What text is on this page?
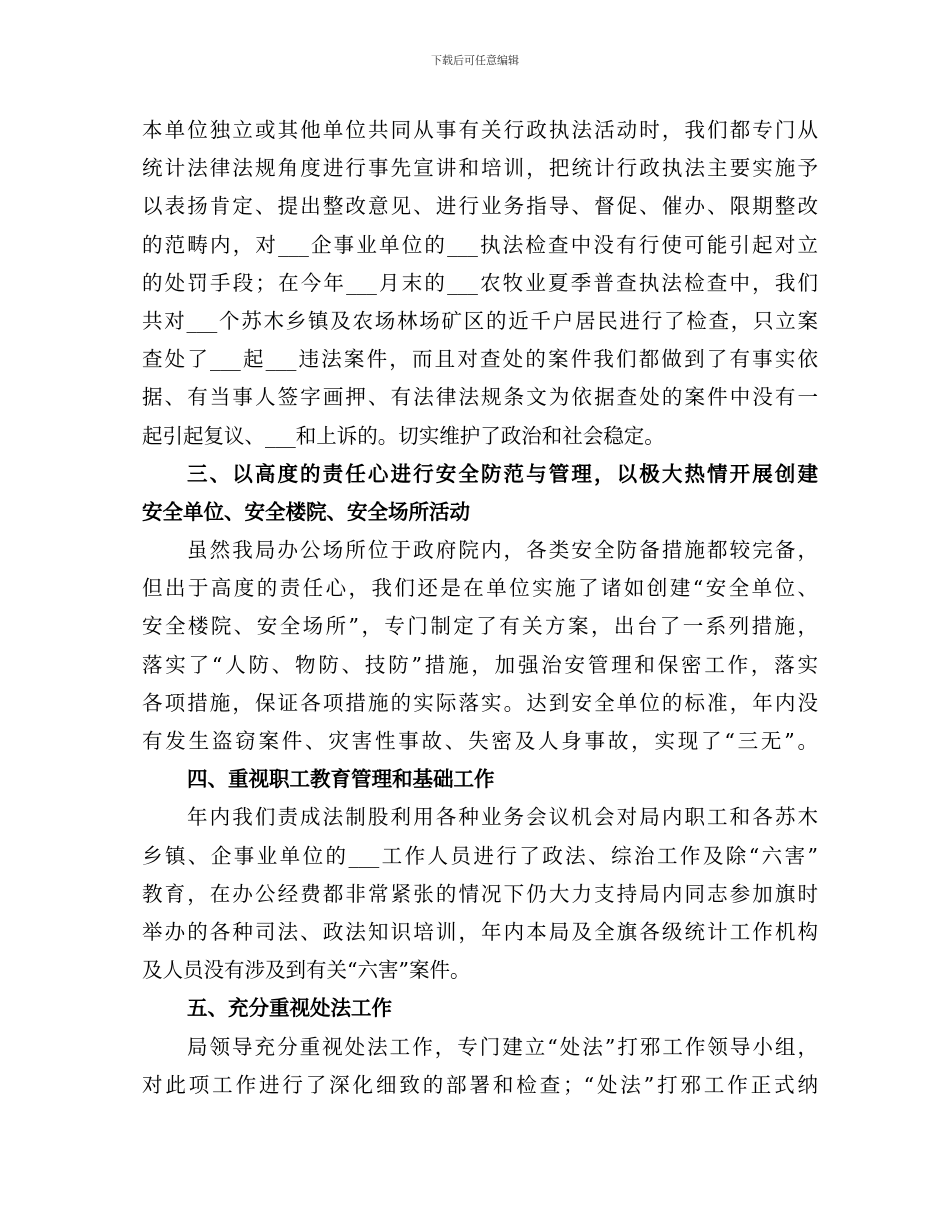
下载后可任意编辑
本单位独立或其他单位共同从事有关行政执法活动时，我们都专门从
统计法律法规角度进行事先宣讲和培训，把统计行政执法主要实施予
以表扬肯定、提出整改意见、进行业务指导、督促、催办、限期整改
的范畴内，对___企事业单位的___执法检查中没有行使可能引起对立
的处罚手段；在今年___月末的___农牧业夏季普查执法检查中，我们
共对___个苏木乡镇及农场林场矿区的近千户居民进行了检查，只立案
查处了___起___违法案件，而且对查处的案件我们都做到了有事实依
据、有当事人签字画押、有法律法规条文为依据查处的案件中没有一
起引起复议、___和上诉的。切实维护了政治和社会稳定。
三、以高度的责任心进行安全防范与管理，以极大热情开展创建
安全单位、安全楼院、安全场所活动
虽然我局办公场所位于政府院内，各类安全防备措施都较完备，
但出于高度的责任心，我们还是在单位实施了诸如创建“安全单位、
安全楼院、安全场所”，专门制定了有关方案，出台了一系列措施，
落实了“人防、物防、技防”措施，加强治安管理和保密工作，落实
各项措施，保证各项措施的实际落实。达到安全单位的标准，年内没
有发生盗窃案件、灾害性事故、失密及人身事故，实现了“三无”。
四、重视职工教育管理和基础工作
年内我们责成法制股利用各种业务会议机会对局内职工和各苏木
乡镇、企事业单位的___工作人员进行了政法、综治工作及除“六害”
教育，在办公经费都非常紧张的情况下仍大力支持局内同志参加旗时
举办的各种司法、政法知识培训，年内本局及全旗各级统计工作机构
及人员没有涉及到有关“六害”案件。
五、充分重视处法工作
局领导充分重视处法工作，专门建立“处法”打邪工作领导小组，
对此项工作进行了深化细致的部署和检查；“处法”打邪工作正式纳
